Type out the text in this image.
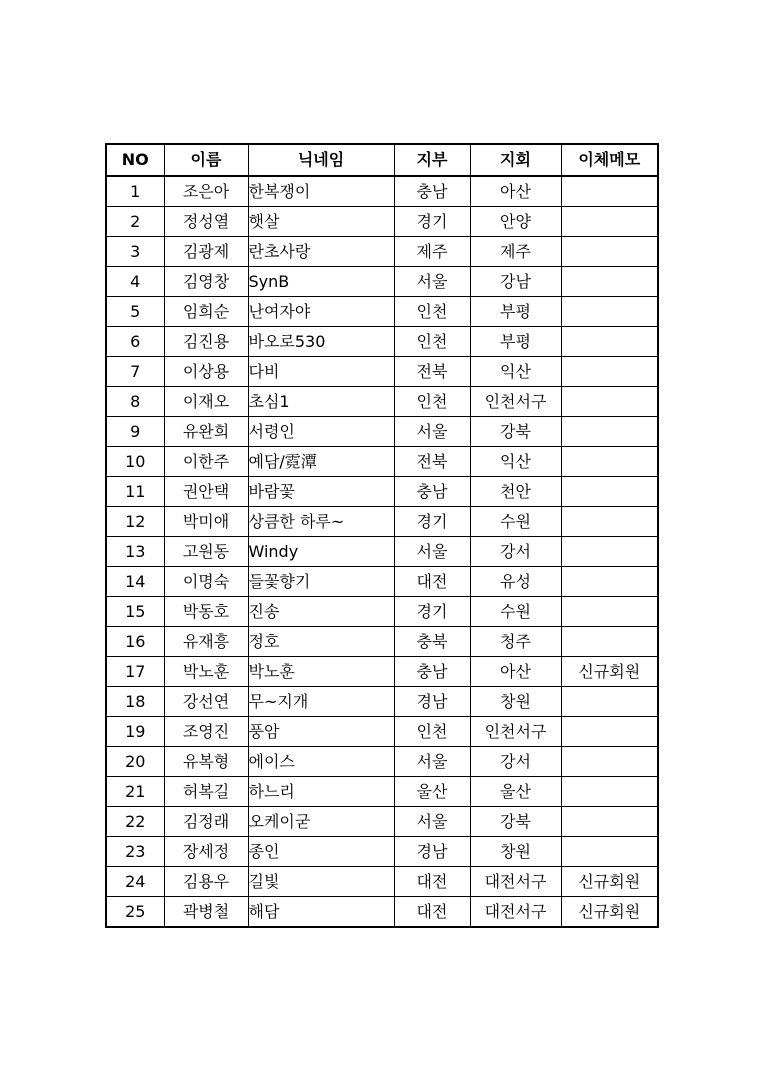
NO	이름	닉네임	지부	지회	이체메모
1	조은아	한복쟁이	충남	아산	
2	정성열	햇살	경기	안양	
3	김광제	란초사랑	제주	제주	
4	김영창	SynB	서울	강남	
5	임희순	난여자야	인천	부평	
6	김진용	바오로530	인천	부평	
7	이상용	다비	전북	익산	
8	이재오	초심1	인천	인천서구	
9	유완희	서령인	서울	강북	
10	이한주	예담/霓潭	전북	익산	
11	권안택	바람꽃	충남	천안	
12	박미애	상큼한 하루~	경기	수원	
13	고원동	Windy	서울	강서	
14	이명숙	들꽃향기	대전	유성	
15	박동호	진송	경기	수원	
16	유재흥	정호	충북	청주	
17	박노훈	박노훈	충남	아산	신규회원
18	강선연	무~지개	경남	창원	
19	조영진	풍암	인천	인천서구	
20	유복형	에이스	서울	강서	
21	허복길	하느리	울산	울산	
22	김정래	오케이굳	서울	강북	
23	장세정	종인	경남	창원	
24	김용우	길빛	대전	대전서구	신규회원
25	곽병철	해담	대전	대전서구	신규회원
